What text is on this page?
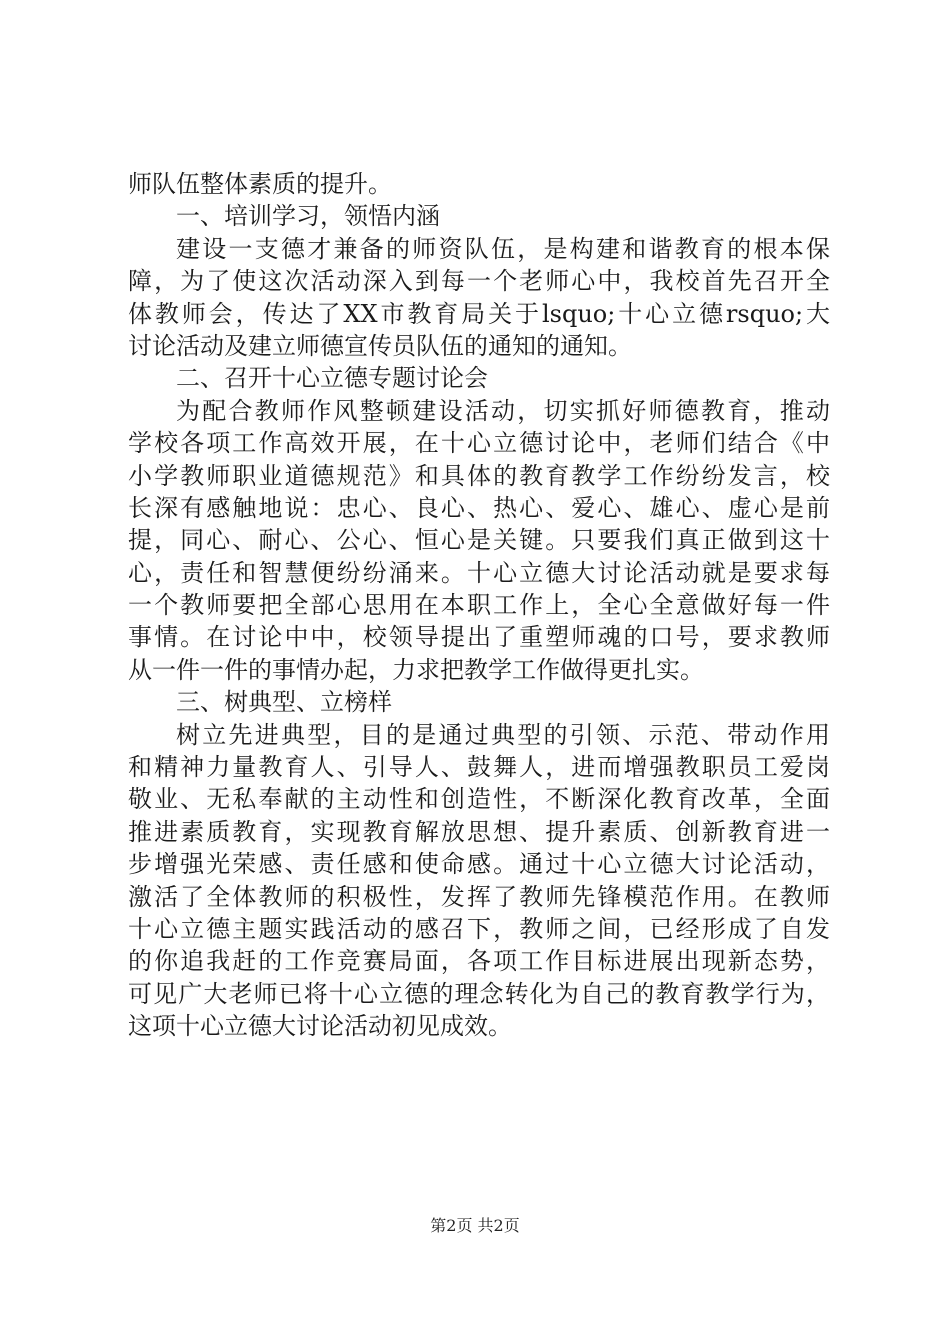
师队伍整体素质的提升。
一、培训学习，领悟内涵
建设一支德才兼备的师资队伍，是构建和谐教育的根本保
障，为了使这次活动深入到每一个老师心中，我校首先召开全
体教师会，传达了XX市教育局关于lsquo;十心立德rsquo;大
讨论活动及建立师德宣传员队伍的通知的通知。
二、召开十心立德专题讨论会
为配合教师作风整顿建设活动，切实抓好师德教育，推动
学校各项工作高效开展，在十心立德讨论中，老师们结合《中
小学教师职业道德规范》和具体的教育教学工作纷纷发言，校
长深有感触地说：忠心、良心、热心、爱心、雄心、虚心是前
提，同心、耐心、公心、恒心是关键。只要我们真正做到这十
心，责任和智慧便纷纷涌来。十心立德大讨论活动就是要求每
一个教师要把全部心思用在本职工作上，全心全意做好每一件
事情。在讨论中中，校领导提出了重塑师魂的口号，要求教师
从一件一件的事情办起，力求把教学工作做得更扎实。
三、树典型、立榜样
树立先进典型，目的是通过典型的引领、示范、带动作用
和精神力量教育人、引导人、鼓舞人，进而增强教职员工爱岗
敬业、无私奉献的主动性和创造性，不断深化教育改革，全面
推进素质教育，实现教育解放思想、提升素质、创新教育进一
步增强光荣感、责任感和使命感。通过十心立德大讨论活动，
激活了全体教师的积极性，发挥了教师先锋模范作用。在教师
十心立德主题实践活动的感召下，教师之间，已经形成了自发
的你追我赶的工作竞赛局面，各项工作目标进展出现新态势，
可见广大老师已将十心立德的理念转化为自己的教育教学行为，
这项十心立德大讨论活动初见成效。
第2页 共2页
